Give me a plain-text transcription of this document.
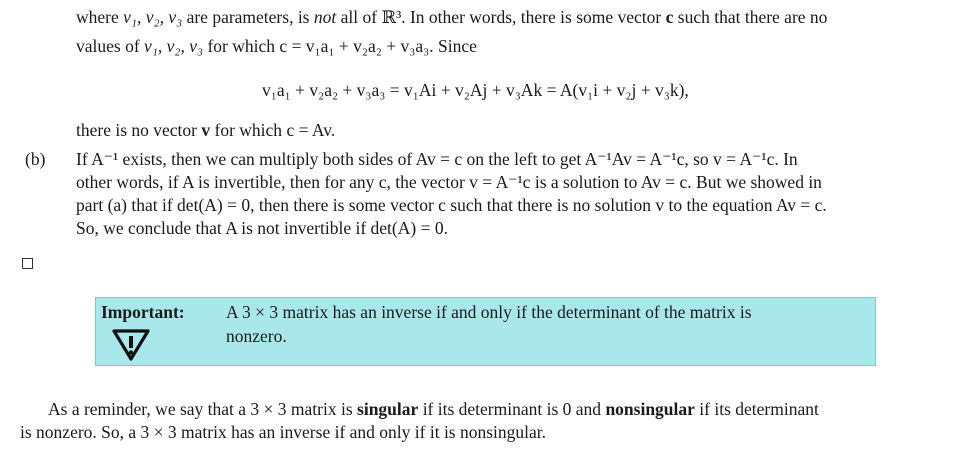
where v₁, v₂, v₃ are parameters, is not all of ℝ³. In other words, there is some vector c such that there are no
values of v₁, v₂, v₃ for which c = v₁a₁ + v₂a₂ + v₃a₃. Since
v₁a₁ + v₂a₂ + v₃a₃ = v₁Ai + v₂Aj + v₃Ak = A(v₁i + v₂j + v₃k),
there is no vector v for which c = Av.
(b) If A⁻¹ exists, then we can multiply both sides of Av = c on the left to get A⁻¹Av = A⁻¹c, so v = A⁻¹c. In
other words, if A is invertible, then for any c, the vector v = A⁻¹c is a solution to Av = c. But we showed in
part (a) that if det(A) = 0, then there is some vector c such that there is no solution v to the equation Av = c.
So, we conclude that A is not invertible if det(A) = 0.
Important: A 3 × 3 matrix has an inverse if and only if the determinant of the matrix is
nonzero.
As a reminder, we say that a 3 × 3 matrix is singular if its determinant is 0 and nonsingular if its determinant
is nonzero. So, a 3 × 3 matrix has an inverse if and only if it is nonsingular.
